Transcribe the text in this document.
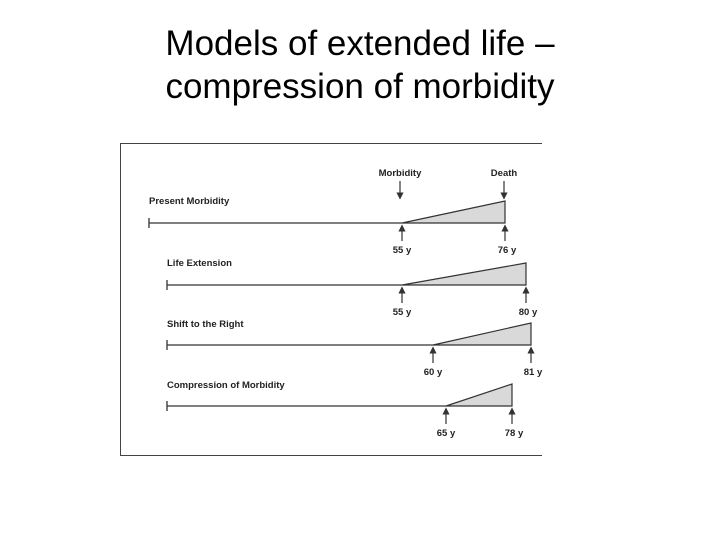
Models of extended life –
compression of morbidity
Morbidity	Death
Present Morbidity
55 y	76 y
Life Extension
55 y	80 y
Shift to the Right
60 y	81 y
Compression of Morbidity
65 y	78 y
